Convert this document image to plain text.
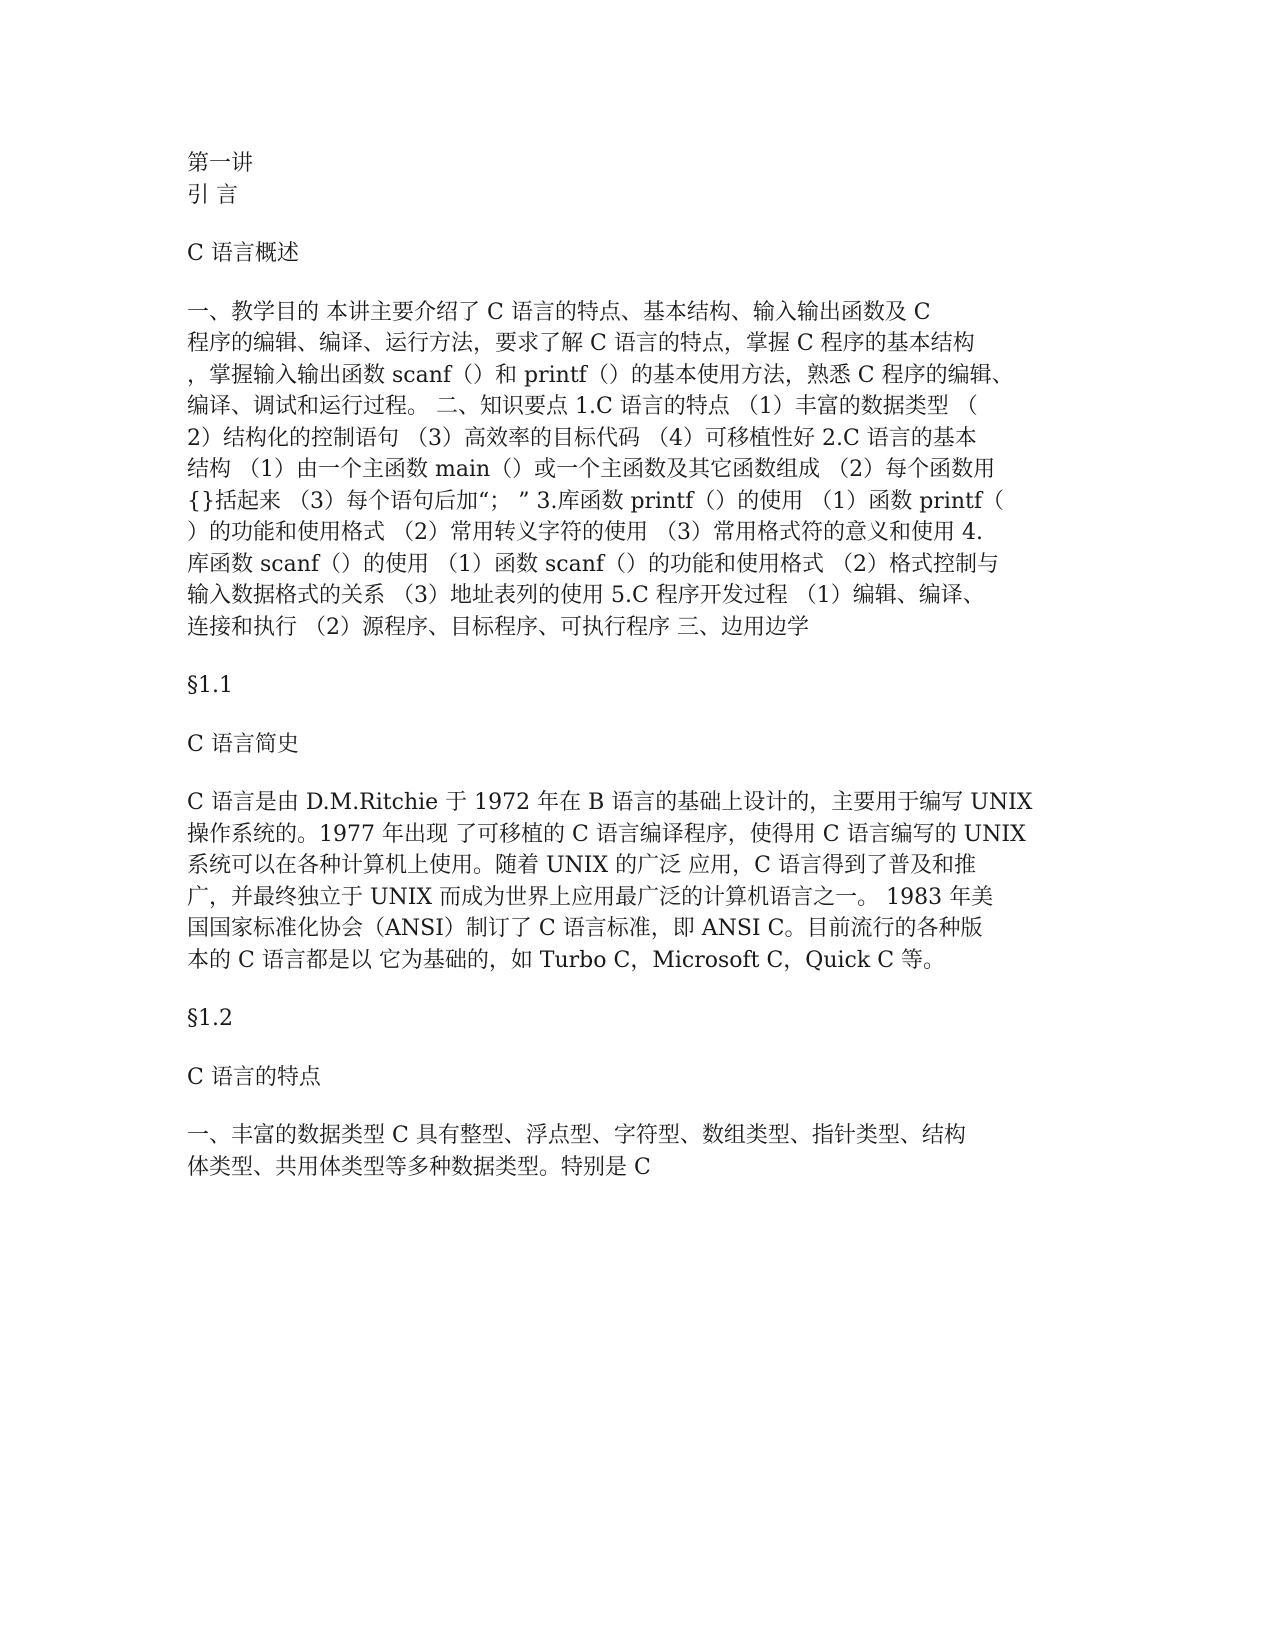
第一讲
引 言
C 语言概述
一、教学目的 本讲主要介绍了 C 语言的特点、基本结构、输入输出函数及 C
程序的编辑、编译、运行方法，要求了解 C 语言的特点，掌握 C 程序的基本结构
，掌握输入输出函数 scanf（）和 printf（）的基本使用方法，熟悉 C 程序的编辑、
编译、调试和运行过程。 二、知识要点 1.C 语言的特点 （1）丰富的数据类型 （
2）结构化的控制语句 （3）高效率的目标代码 （4）可移植性好 2.C 语言的基本
结构 （1）由一个主函数 main（）或一个主函数及其它函数组成 （2）每个函数用
{}括起来 （3）每个语句后加“； ” 3.库函数 printf（）的使用 （1）函数 printf（
）的功能和使用格式 （2）常用转义字符的使用 （3）常用格式符的意义和使用 4.
库函数 scanf（）的使用 （1）函数 scanf（）的功能和使用格式 （2）格式控制与
输入数据格式的关系 （3）地址表列的使用 5.C 程序开发过程 （1）编辑、编译、
连接和执行 （2）源程序、目标程序、可执行程序 三、边用边学
§1.1
C 语言简史
C 语言是由 D.M.Ritchie 于 1972 年在 B 语言的基础上设计的，主要用于编写 UNIX
操作系统的。1977 年出现 了可移植的 C 语言编译程序，使得用 C 语言编写的 UNIX
系统可以在各种计算机上使用。随着 UNIX 的广泛 应用，C 语言得到了普及和推
广，并最终独立于 UNIX 而成为世界上应用最广泛的计算机语言之一。 1983 年美
国国家标准化协会（ANSI）制订了 C 语言标准，即 ANSI C。目前流行的各种版
本的 C 语言都是以 它为基础的，如 Turbo C，Microsoft C，Quick C 等。
§1.2
C 语言的特点
一、丰富的数据类型 C 具有整型、浮点型、字符型、数组类型、指针类型、结构
体类型、共用体类型等多种数据类型。特别是 C
